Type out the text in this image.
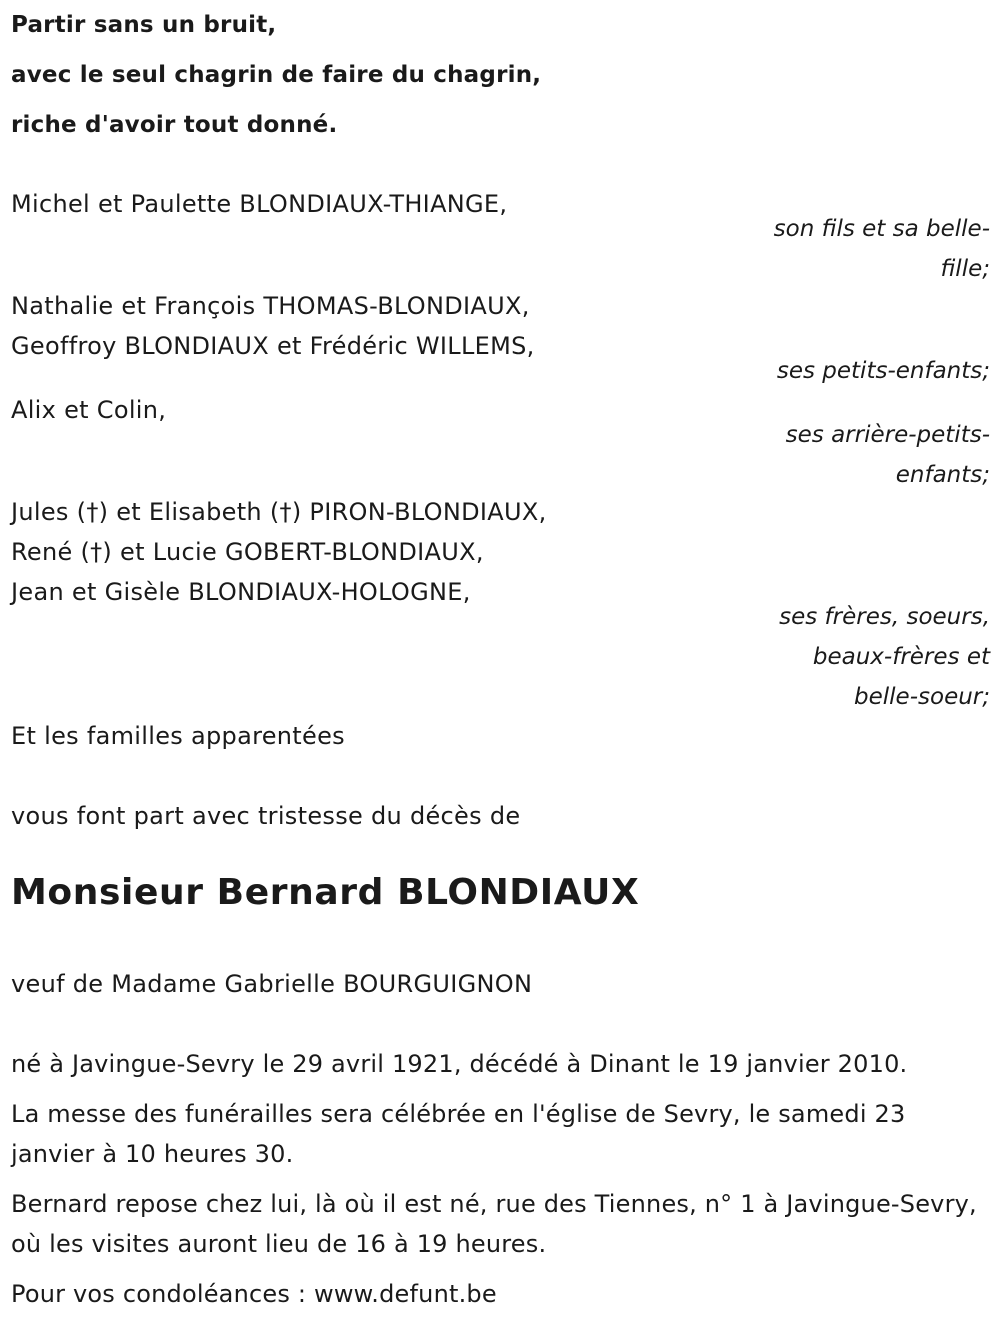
Partir sans un bruit,
avec le seul chagrin de faire du chagrin,
riche d'avoir tout donné.
Michel et Paulette BLONDIAUX-THIANGE,
son fils et sa belle-fille;
Nathalie et François THOMAS-BLONDIAUX,
Geoffroy BLONDIAUX et Frédéric WILLEMS,
ses petits-enfants;
Alix et Colin,
ses arrière-petits-enfants;
Jules (†) et Elisabeth (†) PIRON-BLONDIAUX,
René (†) et Lucie GOBERT-BLONDIAUX,
Jean et Gisèle BLONDIAUX-HOLOGNE,
ses frères, soeurs, beaux-frères et belle-soeur;
Et les familles apparentées
vous font part avec tristesse du décès de
Monsieur Bernard BLONDIAUX
veuf de Madame Gabrielle BOURGUIGNON
né à Javingue-Sevry le 29 avril 1921, décédé à Dinant le 19 janvier 2010.
La messe des funérailles sera célébrée en l'église de Sevry, le samedi 23 janvier à 10 heures 30.
Bernard repose chez lui, là où il est né, rue des Tiennes, n° 1 à Javingue-Sevry, où les visites auront lieu de 16 à 19 heures.
Pour vos condoléances : www.defunt.be
